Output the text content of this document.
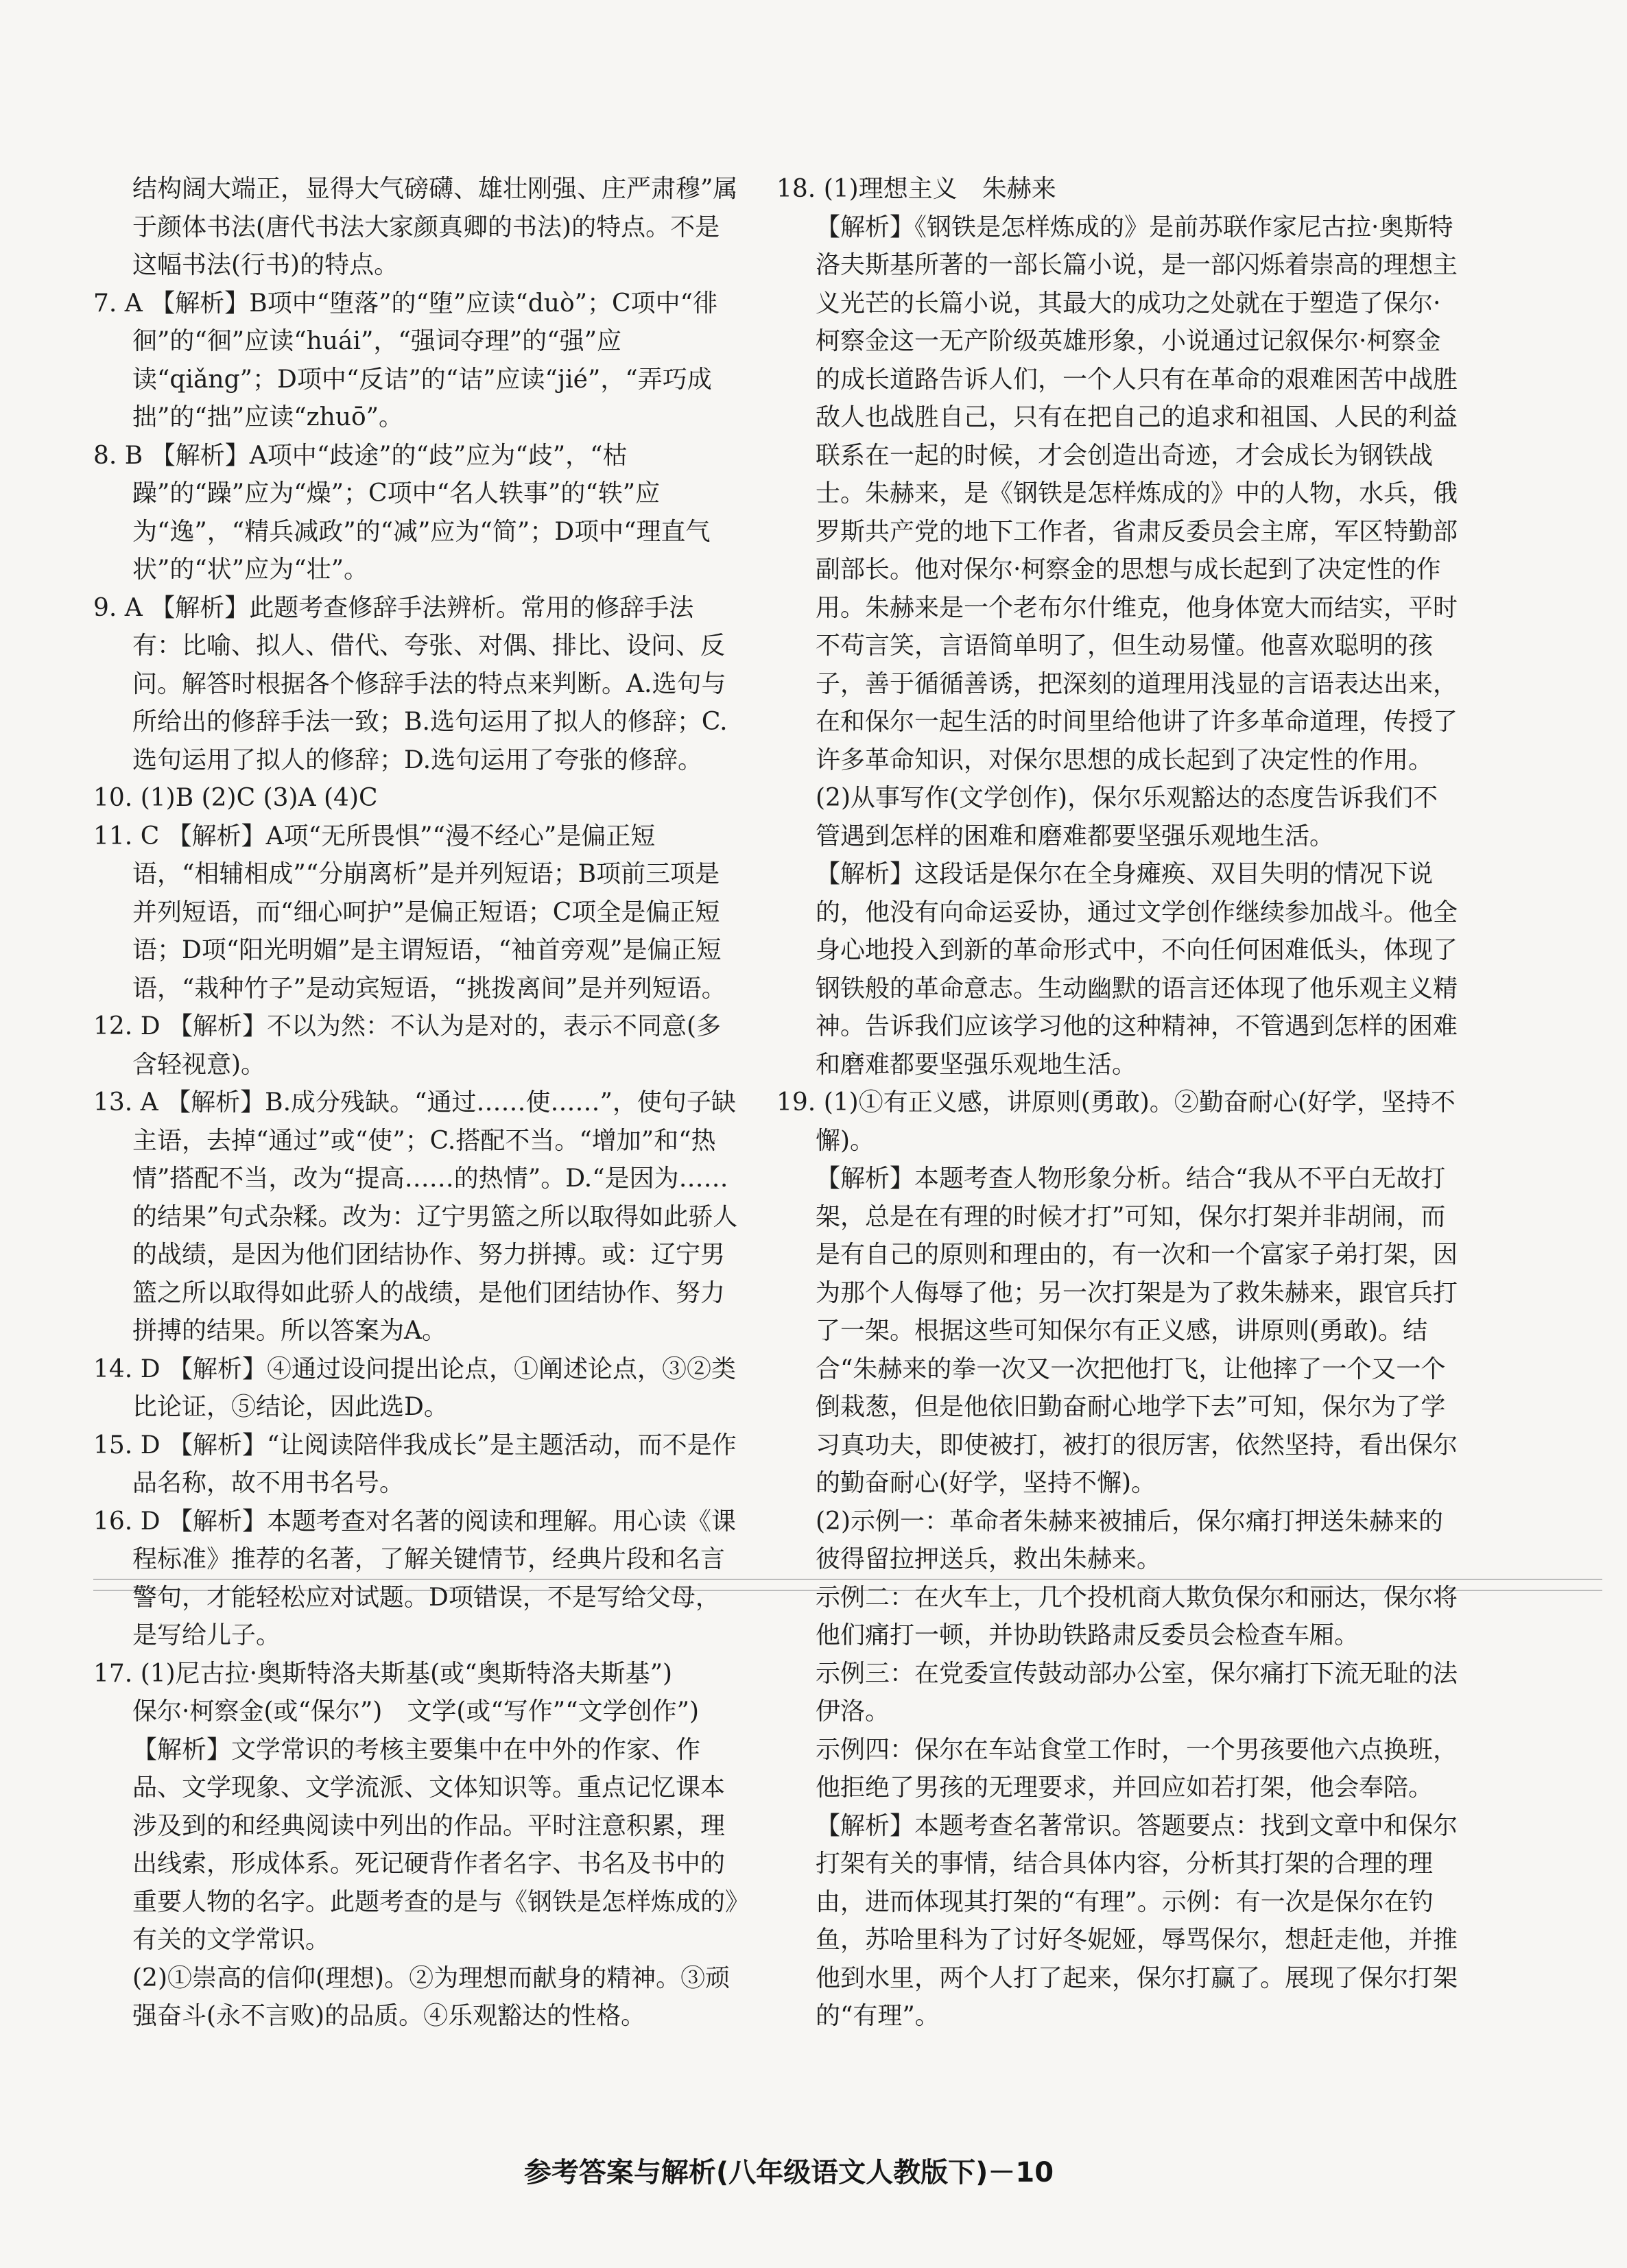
结构阔大端正，显得大气磅礴、雄壮刚强、庄严肃穆”属于颜体书法(唐代书法大家颜真卿的书法)的特点。不是这幅书法(行书)的特点。

7. A 【解析】B项中“堕落”的“堕”应读“duò”；C项中“徘徊”的“徊”应读“huái”，“强词夺理”的“强”应读“qiǎng”；D项中“反诘”的“诘”应读“jié”，“弄巧成拙”的“拙”应读“zhuō”。

8. B 【解析】A项中“歧途”的“歧”应为“歧”，“枯躁”的“躁”应为“燥”；C项中“名人轶事”的“轶”应为“逸”，“精兵减政”的“减”应为“简”；D项中“理直气状”的“状”应为“壮”。

9. A 【解析】此题考查修辞手法辨析。常用的修辞手法有：比喻、拟人、借代、夸张、对偶、排比、设问、反问。解答时根据各个修辞手法的特点来判断。A.选句与所给出的修辞手法一致；B.选句运用了拟人的修辞；C.选句运用了拟人的修辞；D.选句运用了夸张的修辞。

10. (1)B (2)C (3)A (4)C

11. C 【解析】A项“无所畏惧”“漫不经心”是偏正短语，“相辅相成”“分崩离析”是并列短语；B项前三项是并列短语，而“细心呵护”是偏正短语；C项全是偏正短语；D项“阳光明媚”是主谓短语，“袖首旁观”是偏正短语，“栽种竹子”是动宾短语，“挑拨离间”是并列短语。

12. D 【解析】不以为然：不认为是对的，表示不同意(多含轻视意)。

13. A 【解析】B.成分残缺。“通过……使……”，使句子缺主语，去掉“通过”或“使”；C.搭配不当。“增加”和“热情”搭配不当，改为“提高……的热情”。D.“是因为……的结果”句式杂糅。改为：辽宁男篮之所以取得如此骄人的战绩，是因为他们团结协作、努力拼搏。或：辽宁男篮之所以取得如此骄人的战绩，是他们团结协作、努力拼搏的结果。所以答案为A。

14. D 【解析】④通过设问提出论点，①阐述论点，③②类比论证，⑤结论，因此选D。

15. D 【解析】“让阅读陪伴我成长”是主题活动，而不是作品名称，故不用书名号。

16. D 【解析】本题考查对名著的阅读和理解。用心读《课程标准》推荐的名著，了解关键情节，经典片段和名言警句，才能轻松应对试题。D项错误，不是写给父母，是写给儿子。

17. (1)尼古拉·奥斯特洛夫斯基(或“奥斯特洛夫斯基”)

保尔·柯察金(或“保尔”)　文学(或“写作”“文学创作”)

【解析】文学常识的考核主要集中在中外的作家、作品、文学现象、文学流派、文体知识等。重点记忆课本涉及到的和经典阅读中列出的作品。平时注意积累，理出线索，形成体系。死记硬背作者名字、书名及书中的重要人物的名字。此题考查的是与《钢铁是怎样炼成的》有关的文学常识。

(2)①崇高的信仰(理想)。②为理想而献身的精神。③顽强奋斗(永不言败)的品质。④乐观豁达的性格。

18. (1)理想主义　朱赫来

【解析】《钢铁是怎样炼成的》是前苏联作家尼古拉·奥斯特洛夫斯基所著的一部长篇小说，是一部闪烁着崇高的理想主义光芒的长篇小说，其最大的成功之处就在于塑造了保尔·柯察金这一无产阶级英雄形象，小说通过记叙保尔·柯察金的成长道路告诉人们，一个人只有在革命的艰难困苦中战胜敌人也战胜自己，只有在把自己的追求和祖国、人民的利益联系在一起的时候，才会创造出奇迹，才会成长为钢铁战士。朱赫来，是《钢铁是怎样炼成的》中的人物，水兵，俄罗斯共产党的地下工作者，省肃反委员会主席，军区特勤部副部长。他对保尔·柯察金的思想与成长起到了决定性的作用。朱赫来是一个老布尔什维克，他身体宽大而结实，平时不苟言笑，言语简单明了，但生动易懂。他喜欢聪明的孩子，善于循循善诱，把深刻的道理用浅显的言语表达出来，在和保尔一起生活的时间里给他讲了许多革命道理，传授了许多革命知识，对保尔思想的成长起到了决定性的作用。

(2)从事写作(文学创作)，保尔乐观豁达的态度告诉我们不管遇到怎样的困难和磨难都要坚强乐观地生活。

【解析】这段话是保尔在全身瘫痪、双目失明的情况下说的，他没有向命运妥协，通过文学创作继续参加战斗。他全身心地投入到新的革命形式中，不向任何困难低头，体现了钢铁般的革命意志。生动幽默的语言还体现了他乐观主义精神。告诉我们应该学习他的这种精神，不管遇到怎样的困难和磨难都要坚强乐观地生活。

19. (1)①有正义感，讲原则(勇敢)。②勤奋耐心(好学，坚持不懈)。

【解析】本题考查人物形象分析。结合“我从不平白无故打架，总是在有理的时候才打”可知，保尔打架并非胡闹，而是有自己的原则和理由的，有一次和一个富家子弟打架，因为那个人侮辱了他；另一次打架是为了救朱赫来，跟官兵打了一架。根据这些可知保尔有正义感，讲原则(勇敢)。结合“朱赫来的拳一次又一次把他打飞，让他摔了一个又一个倒栽葱，但是他依旧勤奋耐心地学下去”可知，保尔为了学习真功夫，即使被打，被打的很厉害，依然坚持，看出保尔的勤奋耐心(好学，坚持不懈)。

(2)示例一：革命者朱赫来被捕后，保尔痛打押送朱赫来的彼得留拉押送兵，救出朱赫来。

示例二：在火车上，几个投机商人欺负保尔和丽达，保尔将他们痛打一顿，并协助铁路肃反委员会检查车厢。

示例三：在党委宣传鼓动部办公室，保尔痛打下流无耻的法伊洛。

示例四：保尔在车站食堂工作时，一个男孩要他六点换班，他拒绝了男孩的无理要求，并回应如若打架，他会奉陪。

【解析】本题考查名著常识。答题要点：找到文章中和保尔打架有关的事情，结合具体内容，分析其打架的合理的理由，进而体现其打架的“有理”。示例：有一次是保尔在钓鱼，苏哈里科为了讨好冬妮娅，辱骂保尔，想赶走他，并推他到水里，两个人打了起来，保尔打赢了。展现了保尔打架的“有理”。

参考答案与解析(八年级语文人教版下)－10
